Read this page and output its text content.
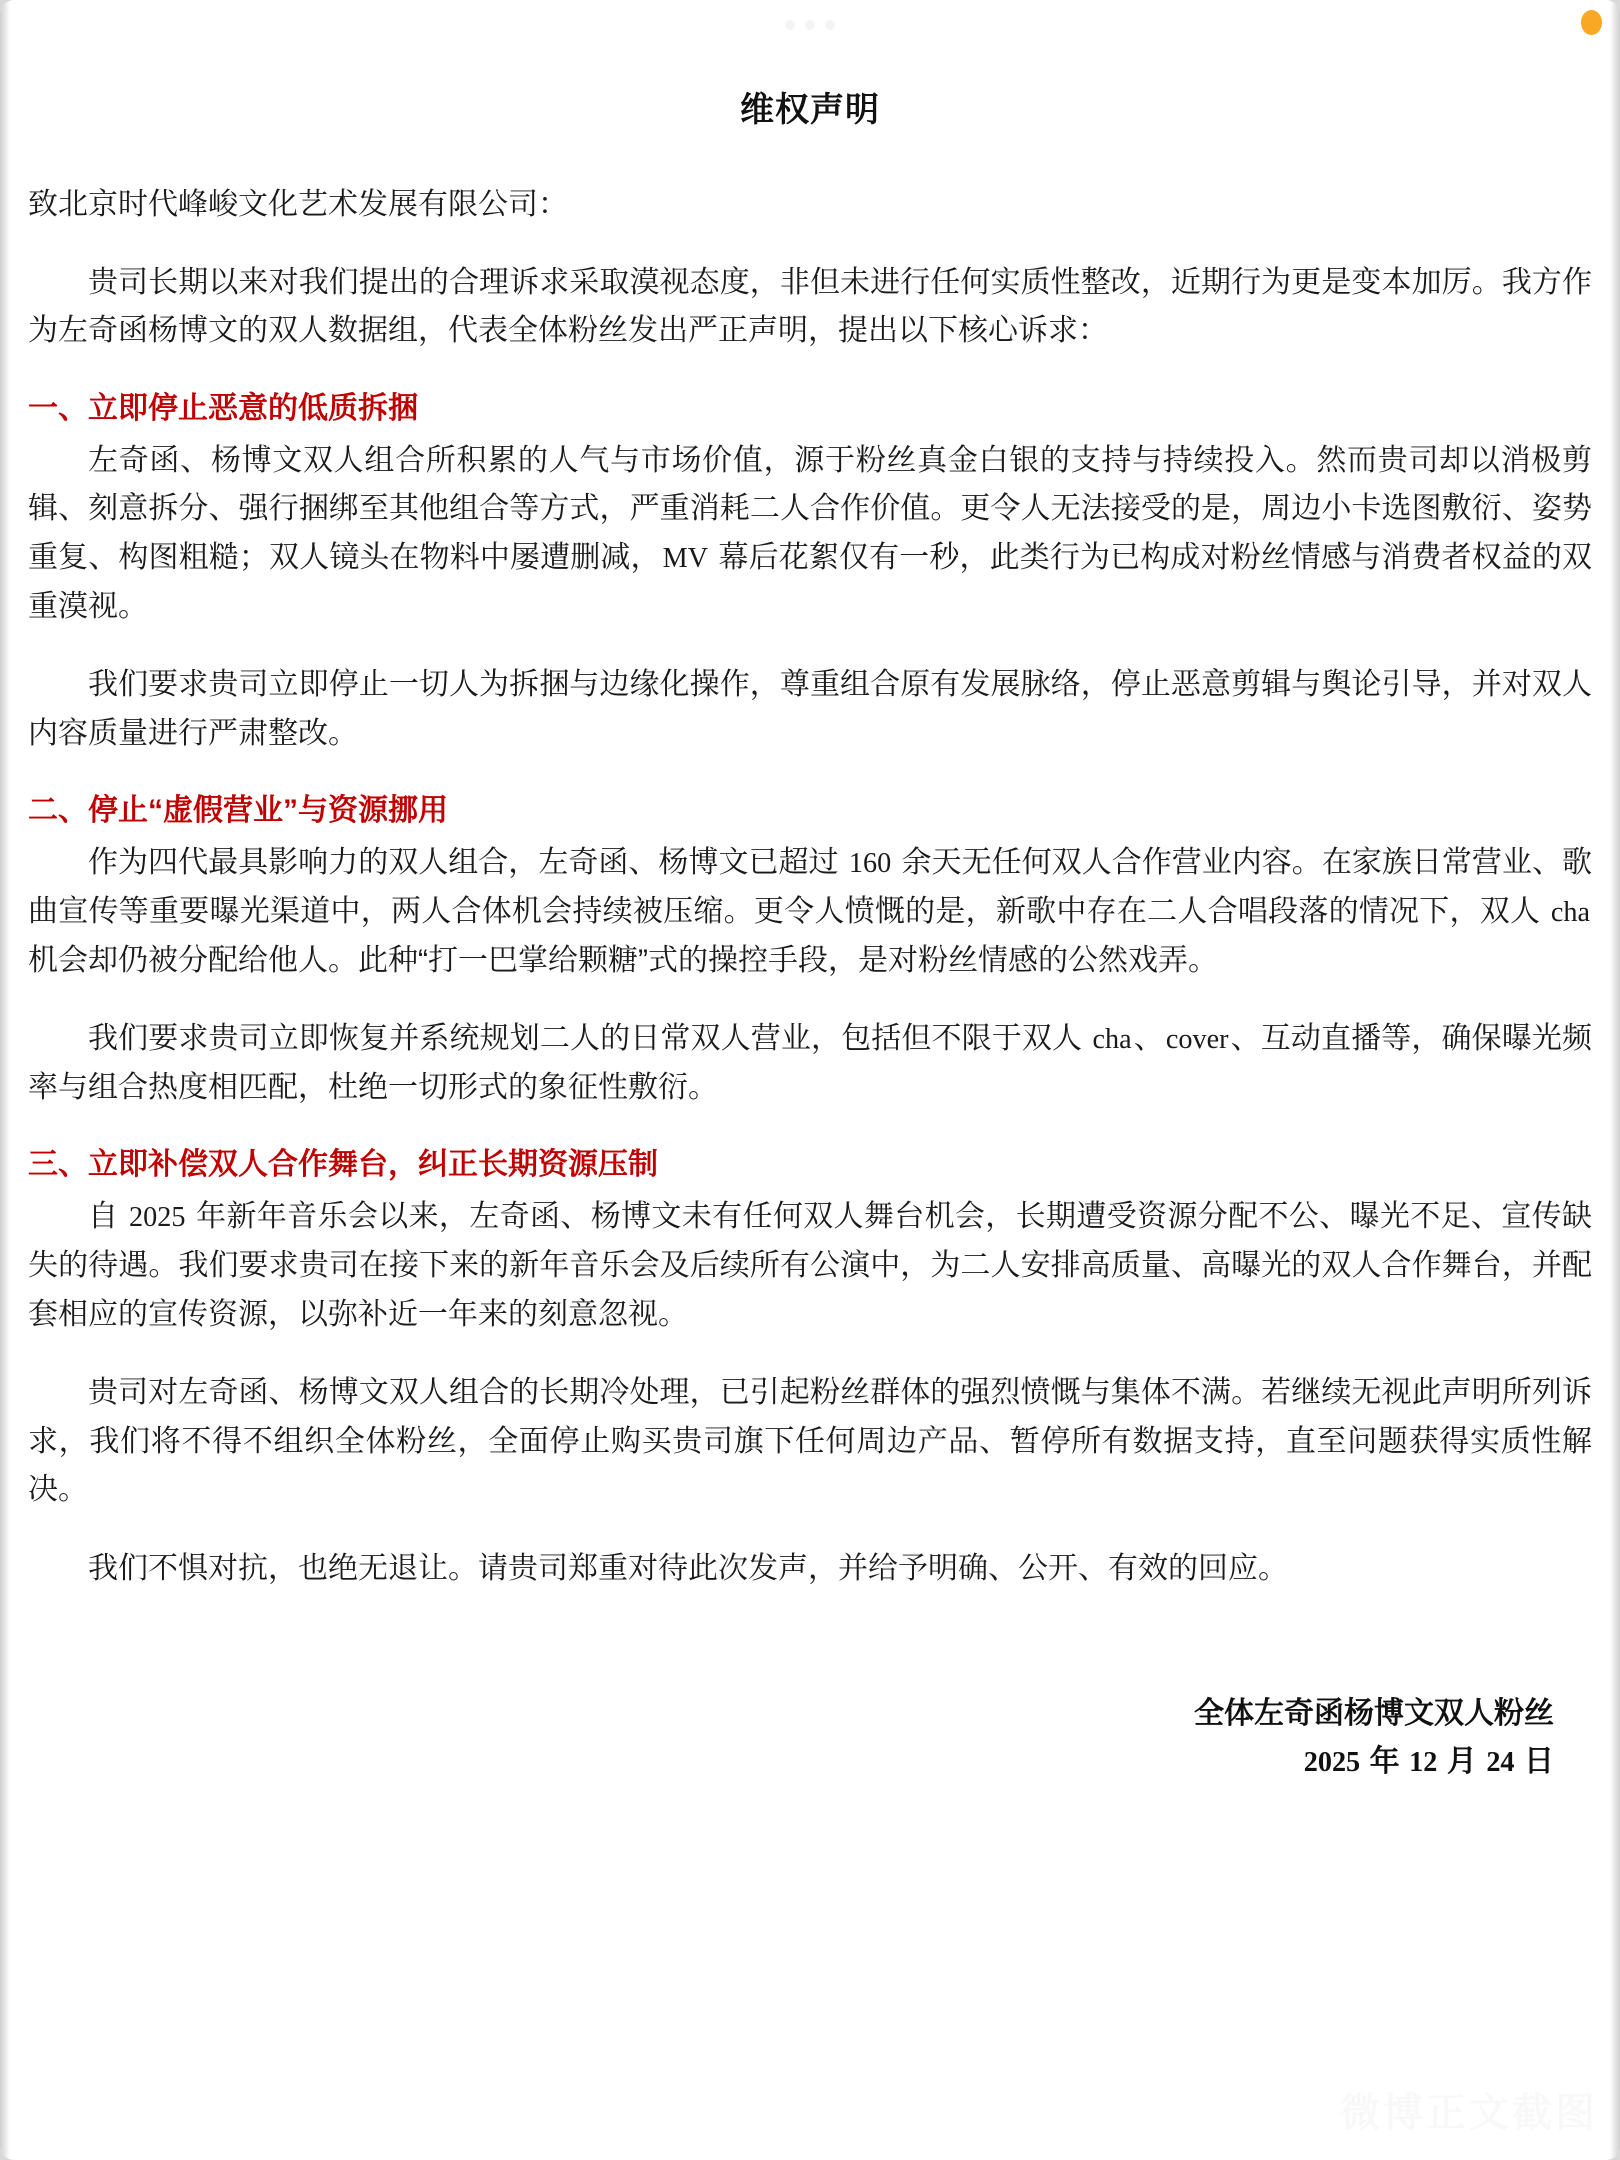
维权声明

致北京时代峰峻文化艺术发展有限公司：

贵司长期以来对我们提出的合理诉求采取漠视态度，非但未进行任何实质性整改，近期行为更是变本加厉。我方作为左奇函杨博文的双人数据组，代表全体粉丝发出严正声明，提出以下核心诉求：

一、立即停止恶意的低质拆捆

左奇函、杨博文双人组合所积累的人气与市场价值，源于粉丝真金白银的支持与持续投入。然而贵司却以消极剪辑、刻意拆分、强行捆绑至其他组合等方式，严重消耗二人合作价值。更令人无法接受的是，周边小卡选图敷衍、姿势重复、构图粗糙；双人镜头在物料中屡遭删减，MV 幕后花絮仅有一秒，此类行为已构成对粉丝情感与消费者权益的双重漠视。

我们要求贵司立即停止一切人为拆捆与边缘化操作，尊重组合原有发展脉络，停止恶意剪辑与舆论引导，并对双人内容质量进行严肃整改。

二、停止“虚假营业”与资源挪用

作为四代最具影响力的双人组合，左奇函、杨博文已超过 160 余天无任何双人合作营业内容。在家族日常营业、歌曲宣传等重要曝光渠道中，两人合体机会持续被压缩。更令人愤慨的是，新歌中存在二人合唱段落的情况下，双人 cha 机会却仍被分配给他人。此种“打一巴掌给颗糖”式的操控手段，是对粉丝情感的公然戏弄。

我们要求贵司立即恢复并系统规划二人的日常双人营业，包括但不限于双人 cha、cover、互动直播等，确保曝光频率与组合热度相匹配，杜绝一切形式的象征性敷衍。

三、立即补偿双人合作舞台，纠正长期资源压制

自 2025 年新年音乐会以来，左奇函、杨博文未有任何双人舞台机会，长期遭受资源分配不公、曝光不足、宣传缺失的待遇。我们要求贵司在接下来的新年音乐会及后续所有公演中，为二人安排高质量、高曝光的双人合作舞台，并配套相应的宣传资源，以弥补近一年来的刻意忽视。

贵司对左奇函、杨博文双人组合的长期冷处理，已引起粉丝群体的强烈愤慨与集体不满。若继续无视此声明所列诉求，我们将不得不组织全体粉丝，全面停止购买贵司旗下任何周边产品、暂停所有数据支持，直至问题获得实质性解决。

我们不惧对抗，也绝无退让。请贵司郑重对待此次发声，并给予明确、公开、有效的回应。

全体左奇函杨博文双人粉丝
2025 年 12 月 24 日
